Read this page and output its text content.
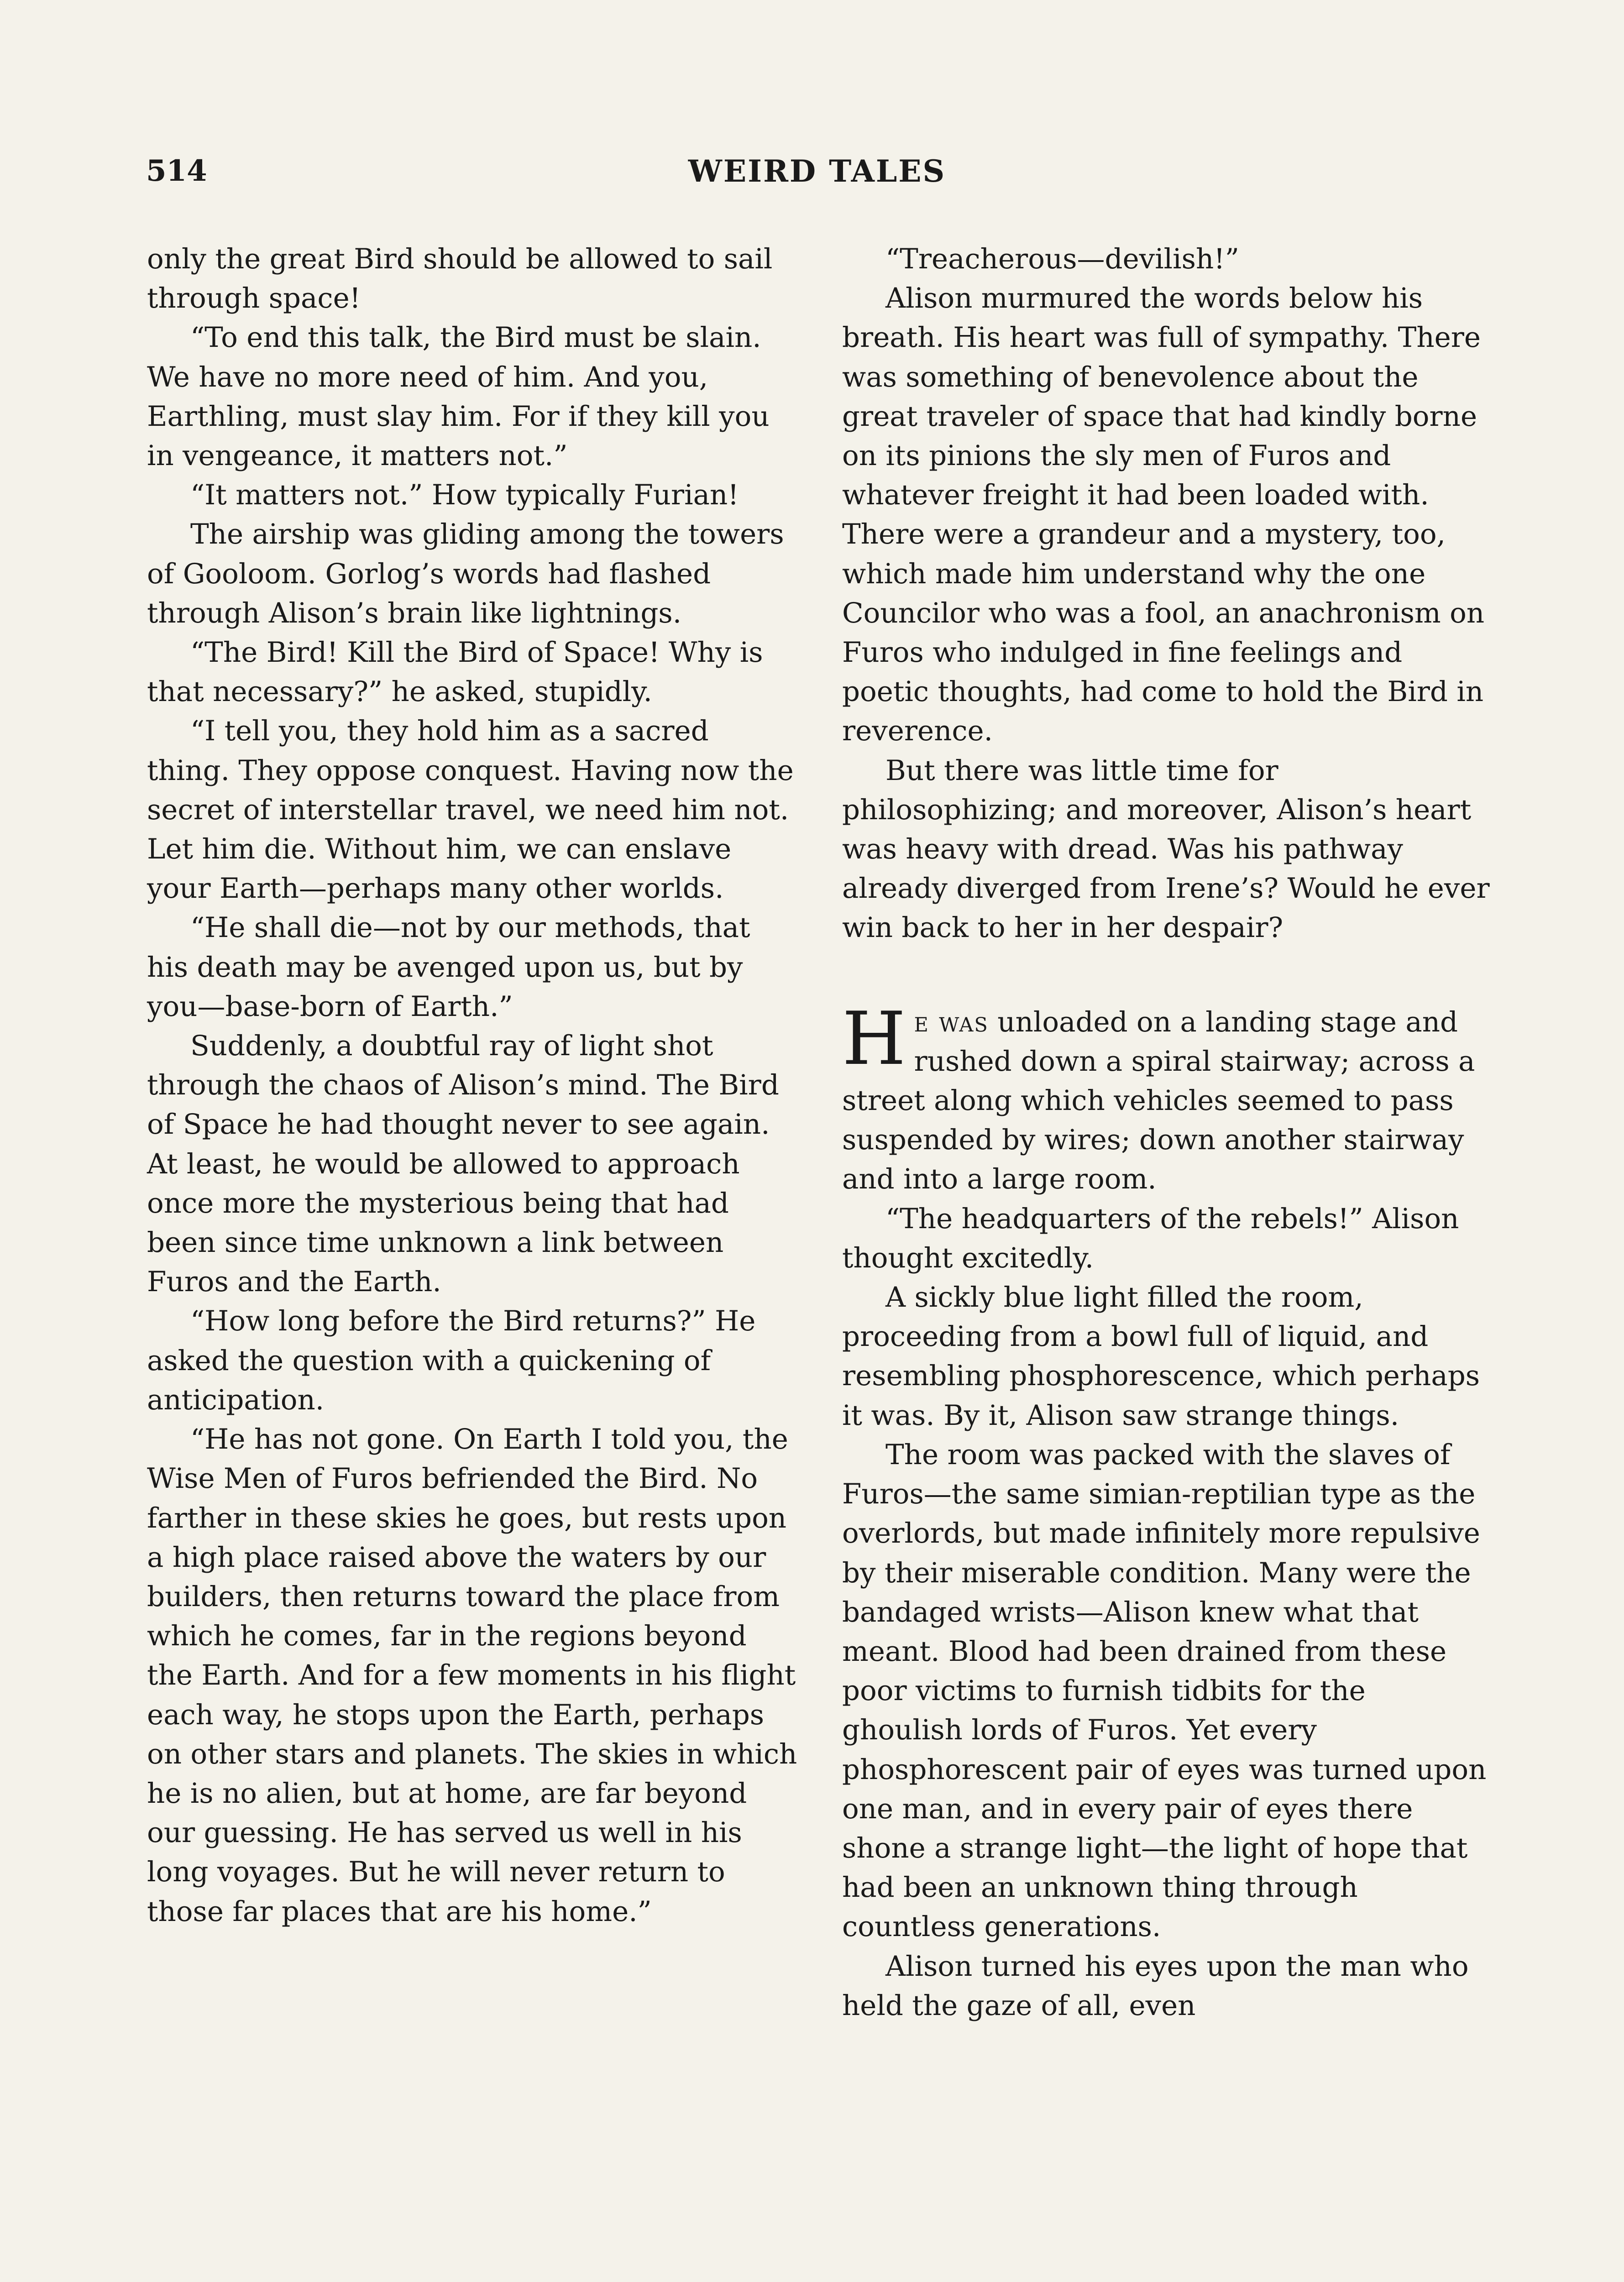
514	WEIRD TALES

only the great Bird should be allowed to sail through space!

“To end this talk, the Bird must be slain. We have no more need of him. And you, Earthling, must slay him. For if they kill you in vengeance, it matters not.”

“It matters not.” How typically Furian!

The airship was gliding among the towers of Gooloom. Gorlog’s words had flashed through Alison’s brain like lightnings.

“The Bird! Kill the Bird of Space! Why is that necessary?” he asked, stupidly.

“I tell you, they hold him as a sacred thing. They oppose conquest. Having now the secret of interstellar travel, we need him not. Let him die. Without him, we can enslave your Earth—perhaps many other worlds.

“He shall die—not by our methods, that his death may be avenged upon us, but by you—base-born of Earth.”

Suddenly, a doubtful ray of light shot through the chaos of Alison’s mind. The Bird of Space he had thought never to see again. At least, he would be allowed to approach once more the mysterious being that had been since time unknown a link between Furos and the Earth.

“How long before the Bird returns?” He asked the question with a quickening of anticipation.

“He has not gone. On Earth I told you, the Wise Men of Furos befriended the Bird. No farther in these skies he goes, but rests upon a high place raised above the waters by our builders, then returns toward the place from which he comes, far in the regions beyond the Earth. And for a few moments in his flight each way, he stops upon the Earth, perhaps on other stars and planets. The skies in which he is no alien, but at home, are far beyond our guessing. He has served us well in his long voyages. But he will never return to those far places that are his home.”

“Treacherous—devilish!”

Alison murmured the words below his breath. His heart was full of sympathy. There was something of benevolence about the great traveler of space that had kindly borne on its pinions the sly men of Furos and whatever freight it had been loaded with. There were a grandeur and a mystery, too, which made him understand why the one Councilor who was a fool, an anachronism on Furos who indulged in fine feelings and poetic thoughts, had come to hold the Bird in reverence.

But there was little time for philosophizing; and moreover, Alison’s heart was heavy with dread. Was his pathway already diverged from Irene’s? Would he ever win back to her in her despair?

He was unloaded on a landing stage and rushed down a spiral stairway; across a street along which vehicles seemed to pass suspended by wires; down another stairway and into a large room.

“The headquarters of the rebels!” Alison thought excitedly.

A sickly blue light filled the room, proceeding from a bowl full of liquid, and resembling phosphorescence, which perhaps it was. By it, Alison saw strange things.

The room was packed with the slaves of Furos—the same simian-reptilian type as the overlords, but made infinitely more repulsive by their miserable condition. Many were the bandaged wrists—Alison knew what that meant. Blood had been drained from these poor victims to furnish tidbits for the ghoulish lords of Furos. Yet every phosphorescent pair of eyes was turned upon one man, and in every pair of eyes there shone a strange light—the light of hope that had been an unknown thing through countless generations.

Alison turned his eyes upon the man who held the gaze of all, even
